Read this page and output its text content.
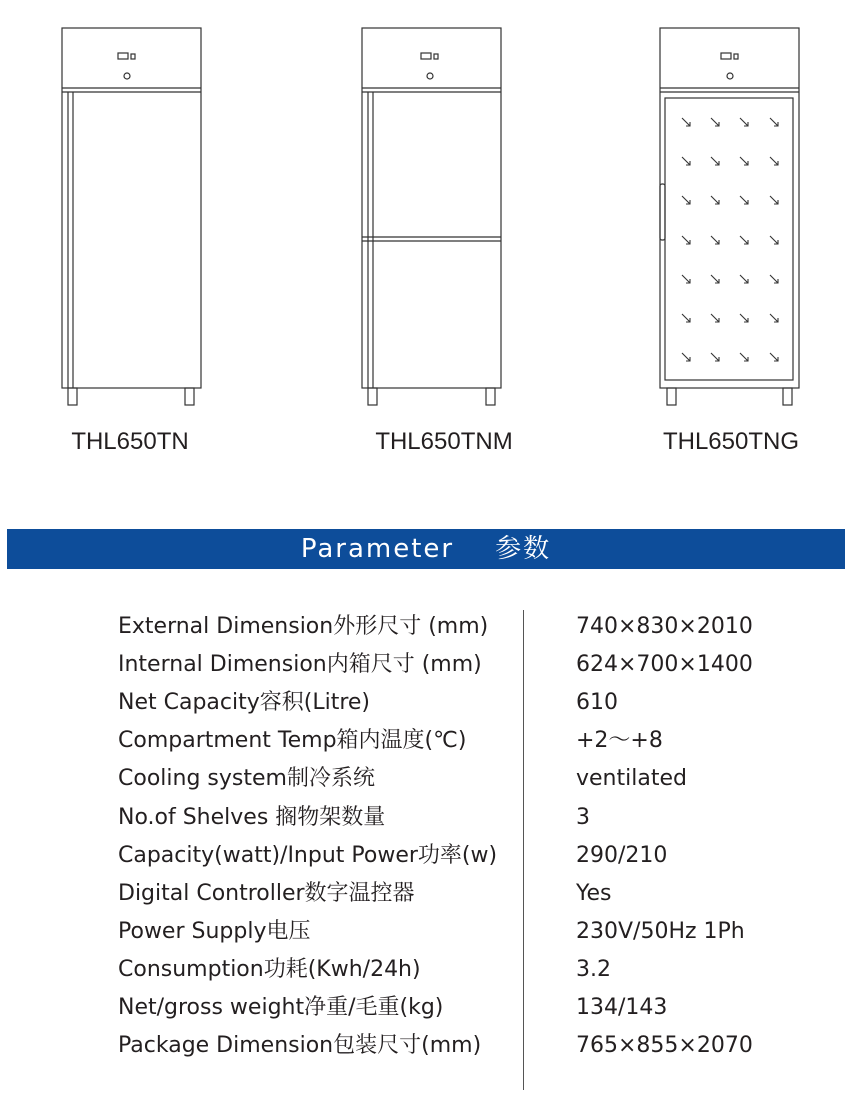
THL650TN	THL650TNM	THL650TNG
Parameter    参数
External Dimension外形尺寸 (mm)	740×830×2010
Internal Dimension内箱尺寸 (mm)	624×700×1400
Net Capacity容积(Litre)	610
Compartment Temp箱内温度(℃)	+2～+8
Cooling system制冷系统	ventilated
No.of Shelves 搁物架数量	3
Capacity(watt)/Input Power功率(w)	290/210
Digital Controller数字温控器	Yes
Power Supply电压	230V/50Hz 1Ph
Consumption功耗(Kwh/24h)	3.2
Net/gross weight净重/毛重(kg)	134/143
Package Dimension包装尺寸(mm)	765×855×2070
